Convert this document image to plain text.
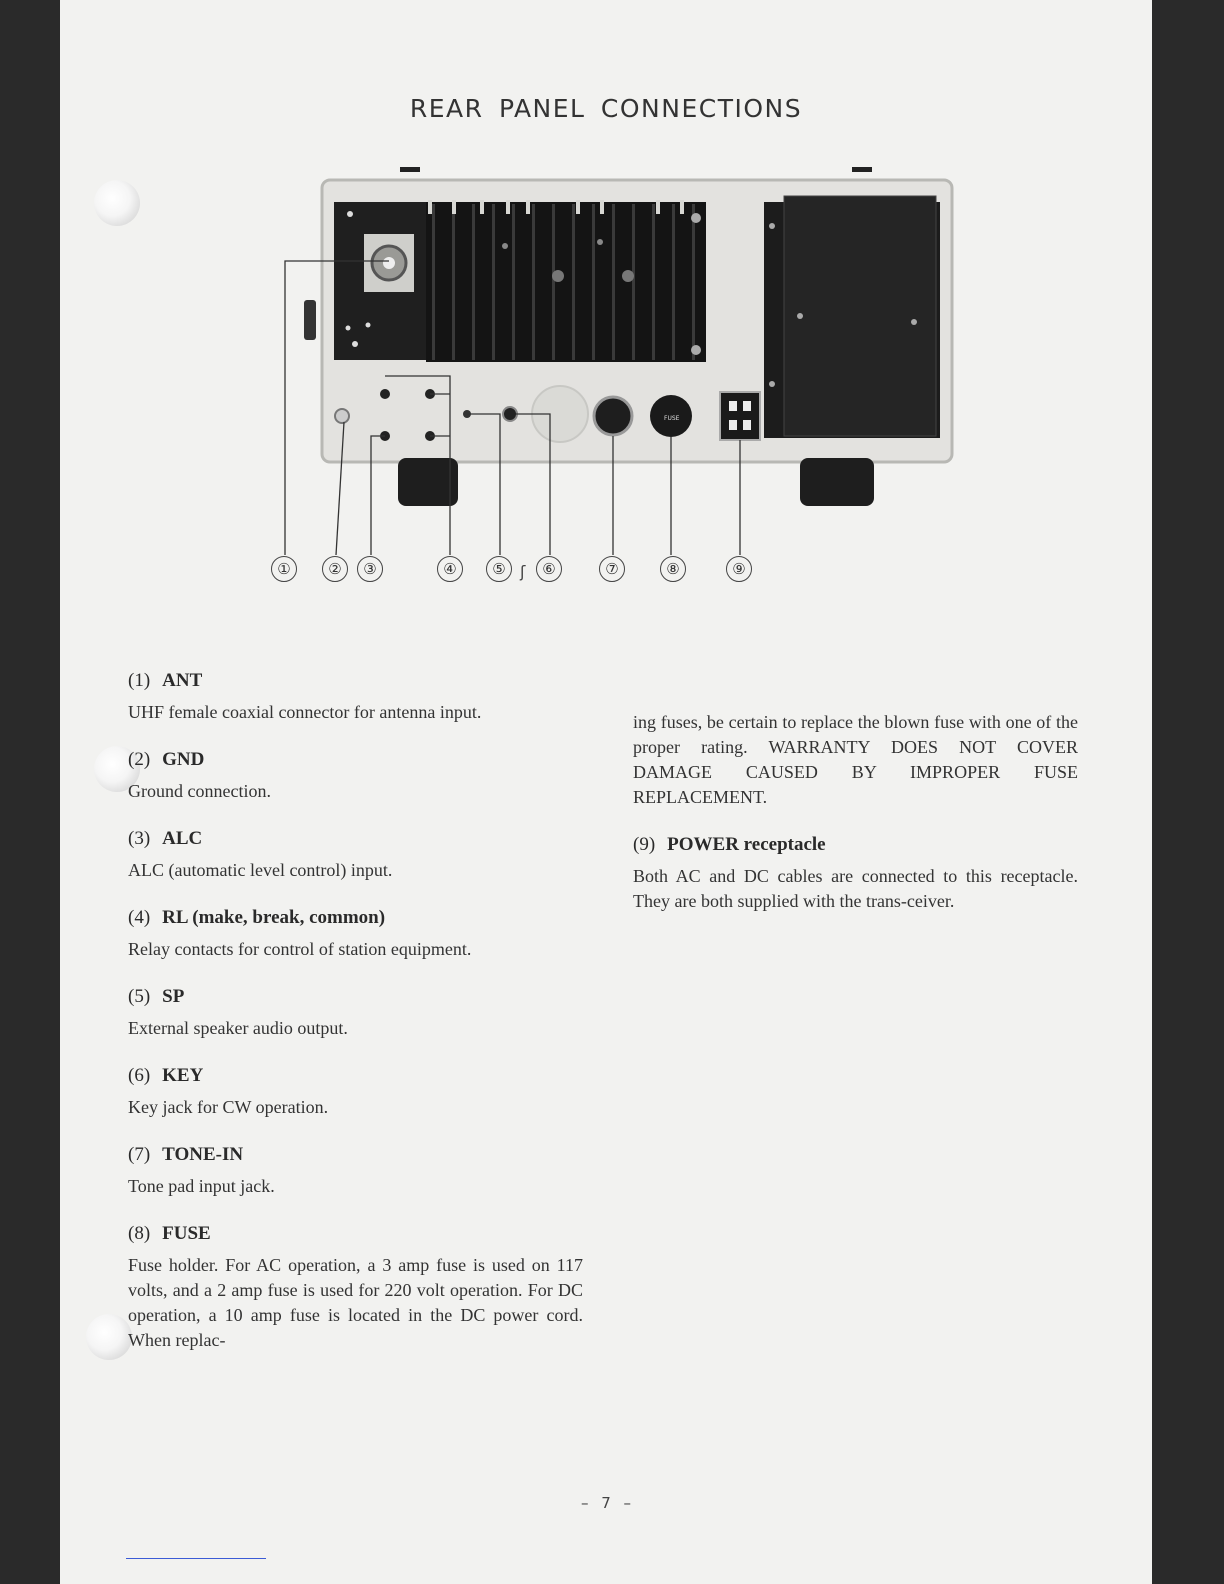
REAR PANEL CONNECTIONS
FUSE
①	②	③	④	⑤ ʃ	⑥	⑦	⑧	⑨

(1) ANT

UHF female coaxial connector for antenna input.

(2) GND

Ground connection.

(3) ALC

ALC (automatic level control) input.

(4) RL (make, break, common)

Relay contacts for control of station equipment.

(5) SP

External speaker audio output.

(6) KEY

Key jack for CW operation.

(7) TONE-IN

Tone pad input jack.

(8) FUSE

Fuse holder. For AC operation, a 3 amp fuse is used on 117 volts, and a 2 amp fuse is used for 220 volt operation. For DC operation, a 10 amp fuse is located in the DC power cord. When replac-

ing fuses, be certain to replace the blown fuse with one of the proper rating. WARRANTY DOES NOT COVER DAMAGE CAUSED BY IMPROPER FUSE REPLACEMENT.

(9) POWER receptacle

Both AC and DC cables are connected to this receptacle. They are both supplied with the trans-ceiver.

– 7 –
